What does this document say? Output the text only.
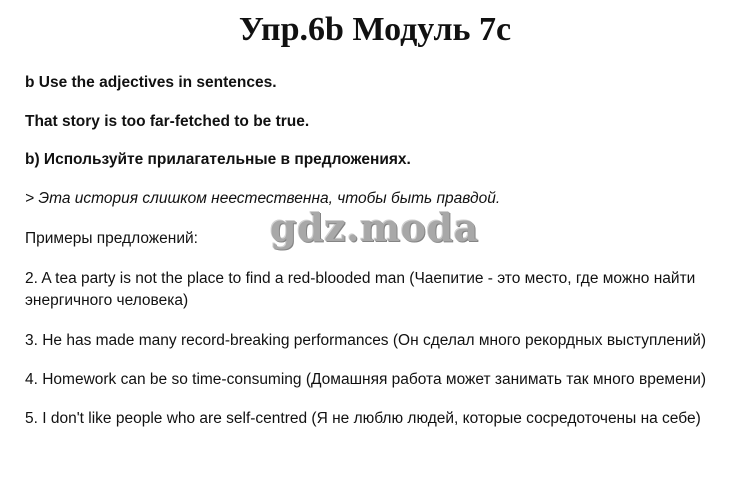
Упр.6b Модуль 7c
b Use the adjectives in sentences.
That story is too far-fetched to be true.
b) Используйте прилагательные в предложениях.
> Эта история слишком неестественна, чтобы быть правдой.
Примеры предложений: gdz.moda
2. A tea party is not the place to find a red-blooded man (Чаепитие - это место, где можно найти энергичного человека)
3. He has made many record-breaking performances (Он сделал много рекордных выступлений)
4. Homework can be so time-consuming (Домашняя работа может занимать так много времени)
5. I don't like people who are self-centred (Я не люблю людей, которые сосредоточены на себе)
